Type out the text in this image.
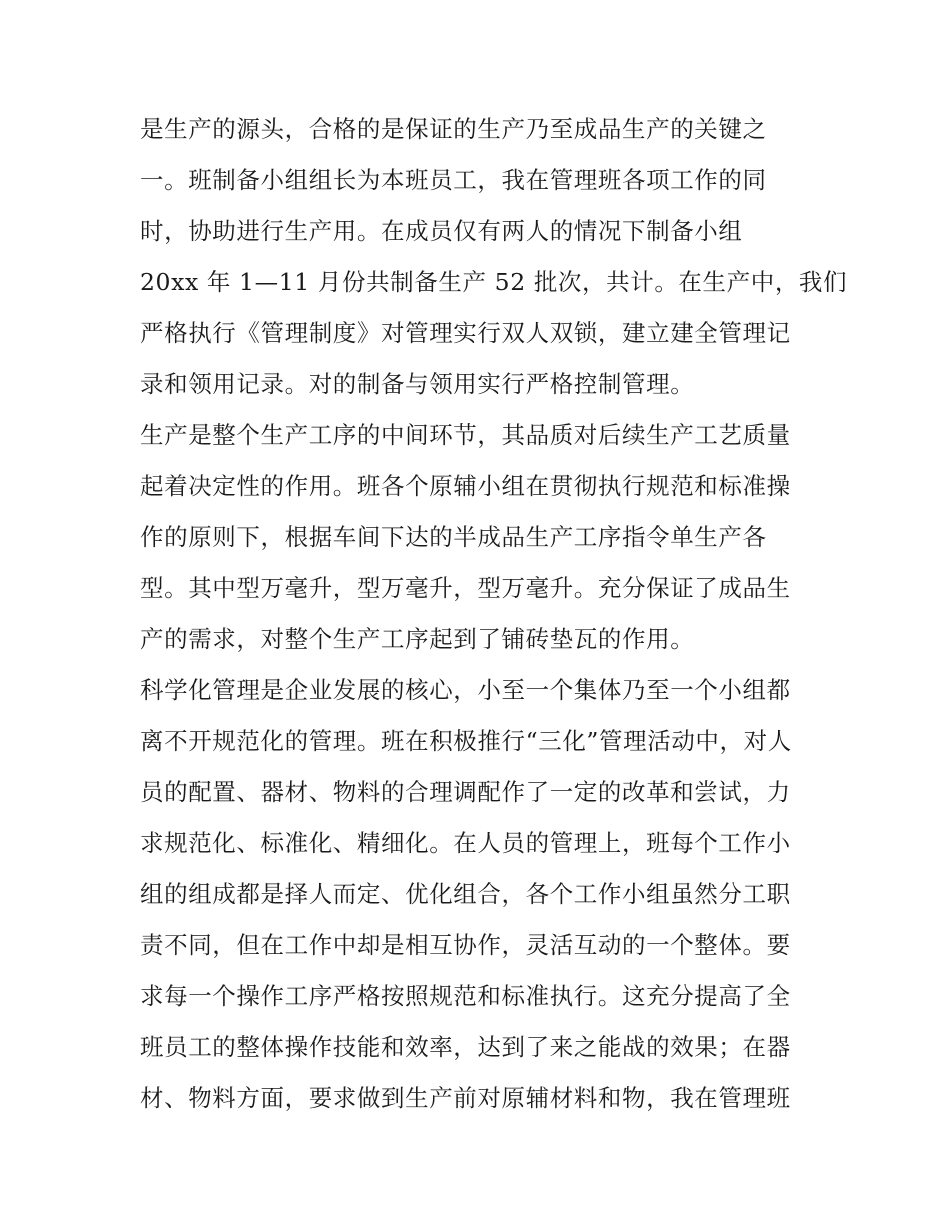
是生产的源头，合格的是保证的生产乃至成品生产的关键之
一。班制备小组组长为本班员工，我在管理班各项工作的同
时，协助进行生产用。在成员仅有两人的情况下制备小组
20xx 年 1—11 月份共制备生产 52 批次，共计。在生产中，我们
严格执行《管理制度》对管理实行双人双锁，建立建全管理记
录和领用记录。对的制备与领用实行严格控制管理。
生产是整个生产工序的中间环节，其品质对后续生产工艺质量
起着决定性的作用。班各个原辅小组在贯彻执行规范和标准操
作的原则下，根据车间下达的半成品生产工序指令单生产各
型。其中型万毫升，型万毫升，型万毫升。充分保证了成品生
产的需求，对整个生产工序起到了铺砖垫瓦的作用。
科学化管理是企业发展的核心，小至一个集体乃至一个小组都
离不开规范化的管理。班在积极推行“三化”管理活动中，对人
员的配置、器材、物料的合理调配作了一定的改革和尝试，力
求规范化、标准化、精细化。在人员的管理上，班每个工作小
组的组成都是择人而定、优化组合，各个工作小组虽然分工职
责不同，但在工作中却是相互协作，灵活互动的一个整体。要
求每一个操作工序严格按照规范和标准执行。这充分提高了全
班员工的整体操作技能和效率，达到了来之能战的效果；在器
材、物料方面，要求做到生产前对原辅材料和物，我在管理班
